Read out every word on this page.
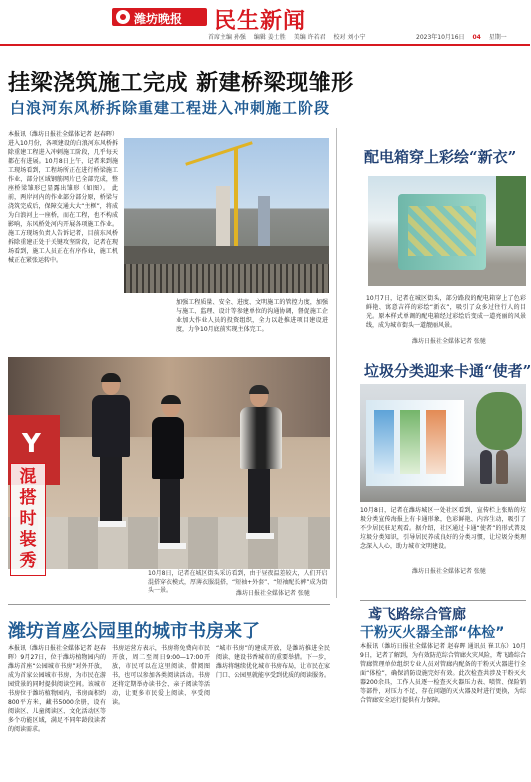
潍坊晚报 民生新闻
首席主编 孙强 编辑 姜士胜 美编 许若君 校对 刘小宁	2023年10月16日 04 星期一
挂梁浇筑施工完成 新建桥梁现雏形
白浪河东风桥拆除重建工程进入冲刺施工阶段
本报讯（潍坊日报社全媒体记者 赵春晖）进入10月份，各项建设的白浪河东风桥拆除重建工程进入冲刺施工阶段，几乎每天都在有进展。10月8日上午，记者来到施工现场看到，工程场所正在进行桥梁施工作业，部分区域钢筋网片已全部完成，整座桥梁雏形已显露出雏形（如图）。 此前，两岸河内的作业部分部分原，桥梁与浇筑完成后，保障交通大大“主框”，将成为白浪河上一座桥，而在工程，也不构成影响，东风桥处河内开展各项施工作业。 施工方现场负责人告诉记者，目前东风桥拆除重建正处于关键攻坚阶段，记者在现场看到，施工人员正在有序作业，施工机械正在紧张运转中。
加强工程质量、安全、进度、文明施工的管控力度，加强与施工、监理、设计等参建单位的沟通协调，督促施工企业加大作业人员的投资组织，全力以赴推进项目建设进度，力争10月底前实现主体完工。
配电箱穿上彩绘“新衣”
10月7日，记者在城区街头，部分路段的配电箱穿上了色彩鲜艳、寓意吉祥的彩绘“新衣”，吸引了众多过往行人的目光。原本样式单调的配电箱经过彩绘后变成一道亮丽的风景线，成为城市街头一道靓丽风景。
潍坊日报社全媒体记者 张驰
垃圾分类迎来卡通“使者”
10月8日，记者在潍坊城区一处社区看到，宣传栏上张贴的垃圾分类宣传海报上有卡通形象，色彩鲜艳、内容生动，吸引了不少居民驻足观看。据介绍，社区通过卡通“使者”的形式普及垃圾分类知识，引导居民养成良好的分类习惯，让垃圾分类理念深入人心，助力城市文明建设。
潍坊日报社全媒体记者 张驰
Y
混
搭
时
装
秀
10月8日，记者在城区街头采访看到，由于昼夜温差较大，人们开启混搭穿衣模式，厚薄衣服混搭，“短袖+外套”、“短袖配长裤”成为街头一景。	潍坊日报社全媒体记者 张驰
潍坊首座公园里的城市书房来了
本报讯（潍坊日报社全媒体记者 赵春晖）9月27日，位于潍坊植物园内的潍坊首座“公园城市书房”对外开放，成为首家公园城市书房，为市民在游园赏景的同时提供阅读空间。该城市书房位于潍坊植物园内，书房面积约800平方米，藏书5000余册，设有阅读区、儿童阅读区、文化活动区等多个功能区域，满足不同年龄段读者的阅读需求。
书房运营方表示，书房将免费向市民开放，周二至周日9:00—17:00开放，市民可以在这里阅读、借阅图书，也可以参加各类阅读活动。书房还将定期举办读书会、亲子阅读等活动，让更多市民爱上阅读、享受阅读。
“城市书房”的建成开放，是潍坊推进全民阅读、建设书香城市的重要举措。下一步，潍坊将继续优化城市书房布局，让市民在家门口、公园里就能享受到优质的阅读服务。
鸢飞路综合管廊
干粉灭火器全部“体检”
本报讯（潍坊日报社全媒体记者 赵春晖 通讯员 崔卫东）10月9日，记者了解到，为有效防范综合管廊火灾风险，鸢飞路综合管廊管理单位组织专业人员对管廊内配备的干粉灭火器进行全面“体检”，确保消防设施完好有效。此次检查共涉及干粉灭火器200余具，工作人员逐一检查灭火器压力表、喷管、保险销等部件，对压力不足、存在问题的灭火器及时进行更换，为综合管廊安全运行提供有力保障。
